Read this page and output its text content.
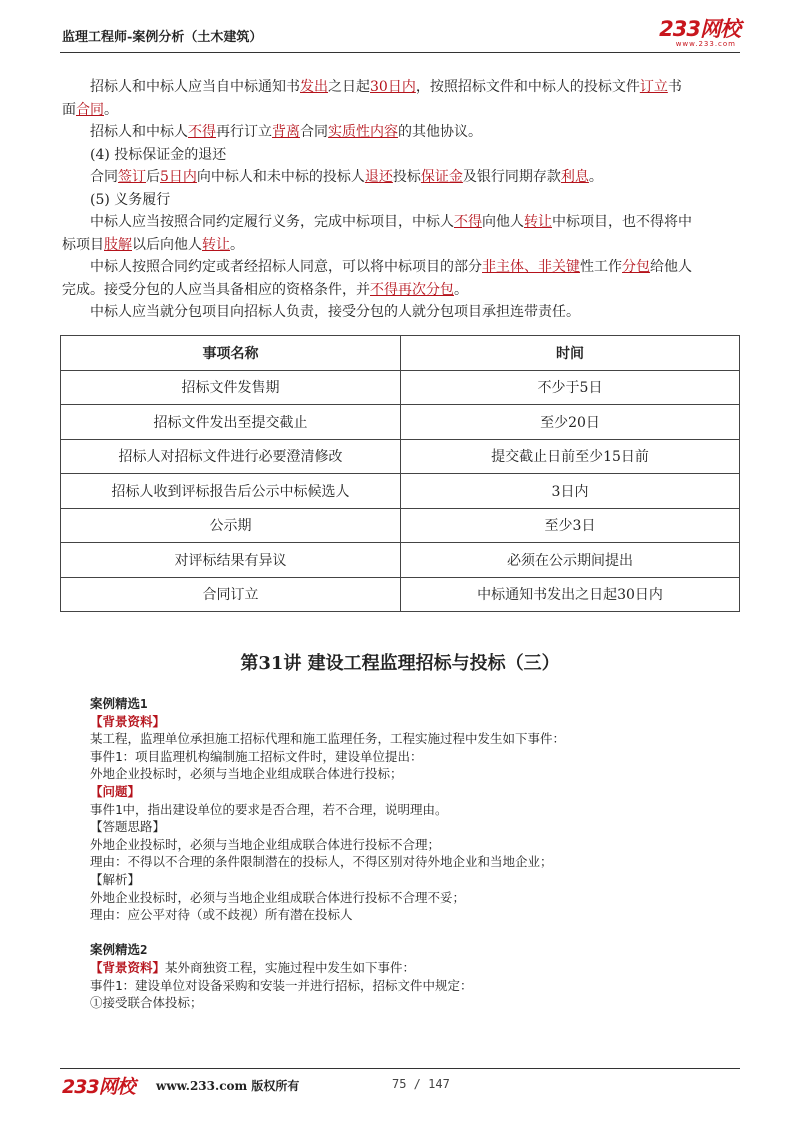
监理工程师-案例分析（土木建筑）	233网校
www.233.com

招标人和中标人应当自中标通知书发出之日起30日内，按照招标文件和中标人的投标文件订立书

面合同。

招标人和中标人不得再行订立背离合同实质性内容的其他协议。

(4) 投标保证金的退还

合同签订后5日内向中标人和未中标的投标人退还投标保证金及银行同期存款利息。

(5) 义务履行

中标人应当按照合同约定履行义务，完成中标项目，中标人不得向他人转让中标项目，也不得将中

标项目肢解以后向他人转让。

中标人按照合同约定或者经招标人同意，可以将中标项目的部分非主体、非关键性工作分包给他人

完成。接受分包的人应当具备相应的资格条件，并不得再次分包。

中标人应当就分包项目向招标人负责，接受分包的人就分包项目承担连带责任。

事项名称	时间
招标文件发售期	不少于5日
招标文件发出至提交截止	至少20日
招标人对招标文件进行必要澄清修改	提交截止日前至少15日前
招标人收到评标报告后公示中标候选人	3日内
公示期	至少3日
对评标结果有异议	必须在公示期间提出
合同订立	中标通知书发出之日起30日内
第31讲 建设工程监理招标与投标（三）
案例精选1
【背景资料】
某工程，监理单位承担施工招标代理和施工监理任务，工程实施过程中发生如下事件：
事件1：项目监理机构编制施工招标文件时，建设单位提出：
外地企业投标时，必须与当地企业组成联合体进行投标；
【问题】
事件1中，指出建设单位的要求是否合理，若不合理，说明理由。
【答题思路】
外地企业投标时，必须与当地企业组成联合体进行投标不合理；
理由：不得以不合理的条件限制潜在的投标人，不得区别对待外地企业和当地企业；
【解析】
外地企业投标时，必须与当地企业组成联合体进行投标不合理不妥；
理由：应公平对待（或不歧视）所有潜在投标人
案例精选2
【背景资料】某外商独资工程，实施过程中发生如下事件：
事件1：建设单位对设备采购和安装一并进行招标，招标文件中规定：
①接受联合体投标；
233网校 www.233.com 版权所有	75 / 147
